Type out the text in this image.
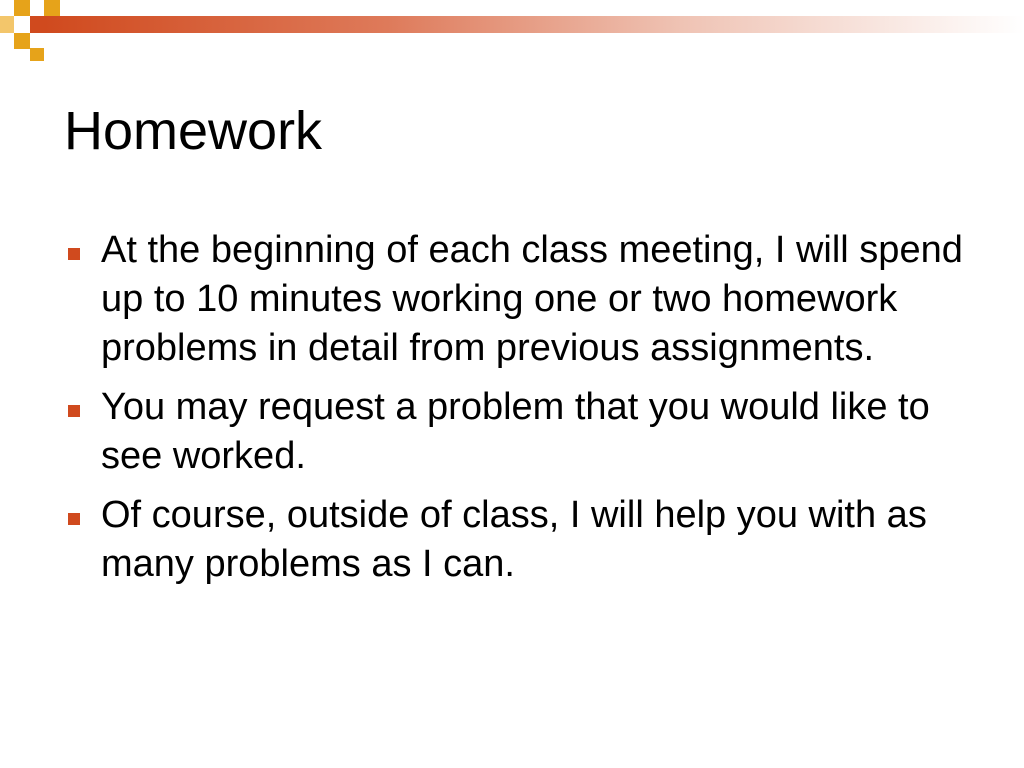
Homework
At the beginning of each class meeting, I will spend up to 10 minutes working one or two homework problems in detail from previous assignments.
You may request a problem that you would like to see worked.
Of course, outside of class, I will help you with as many problems as I can.
